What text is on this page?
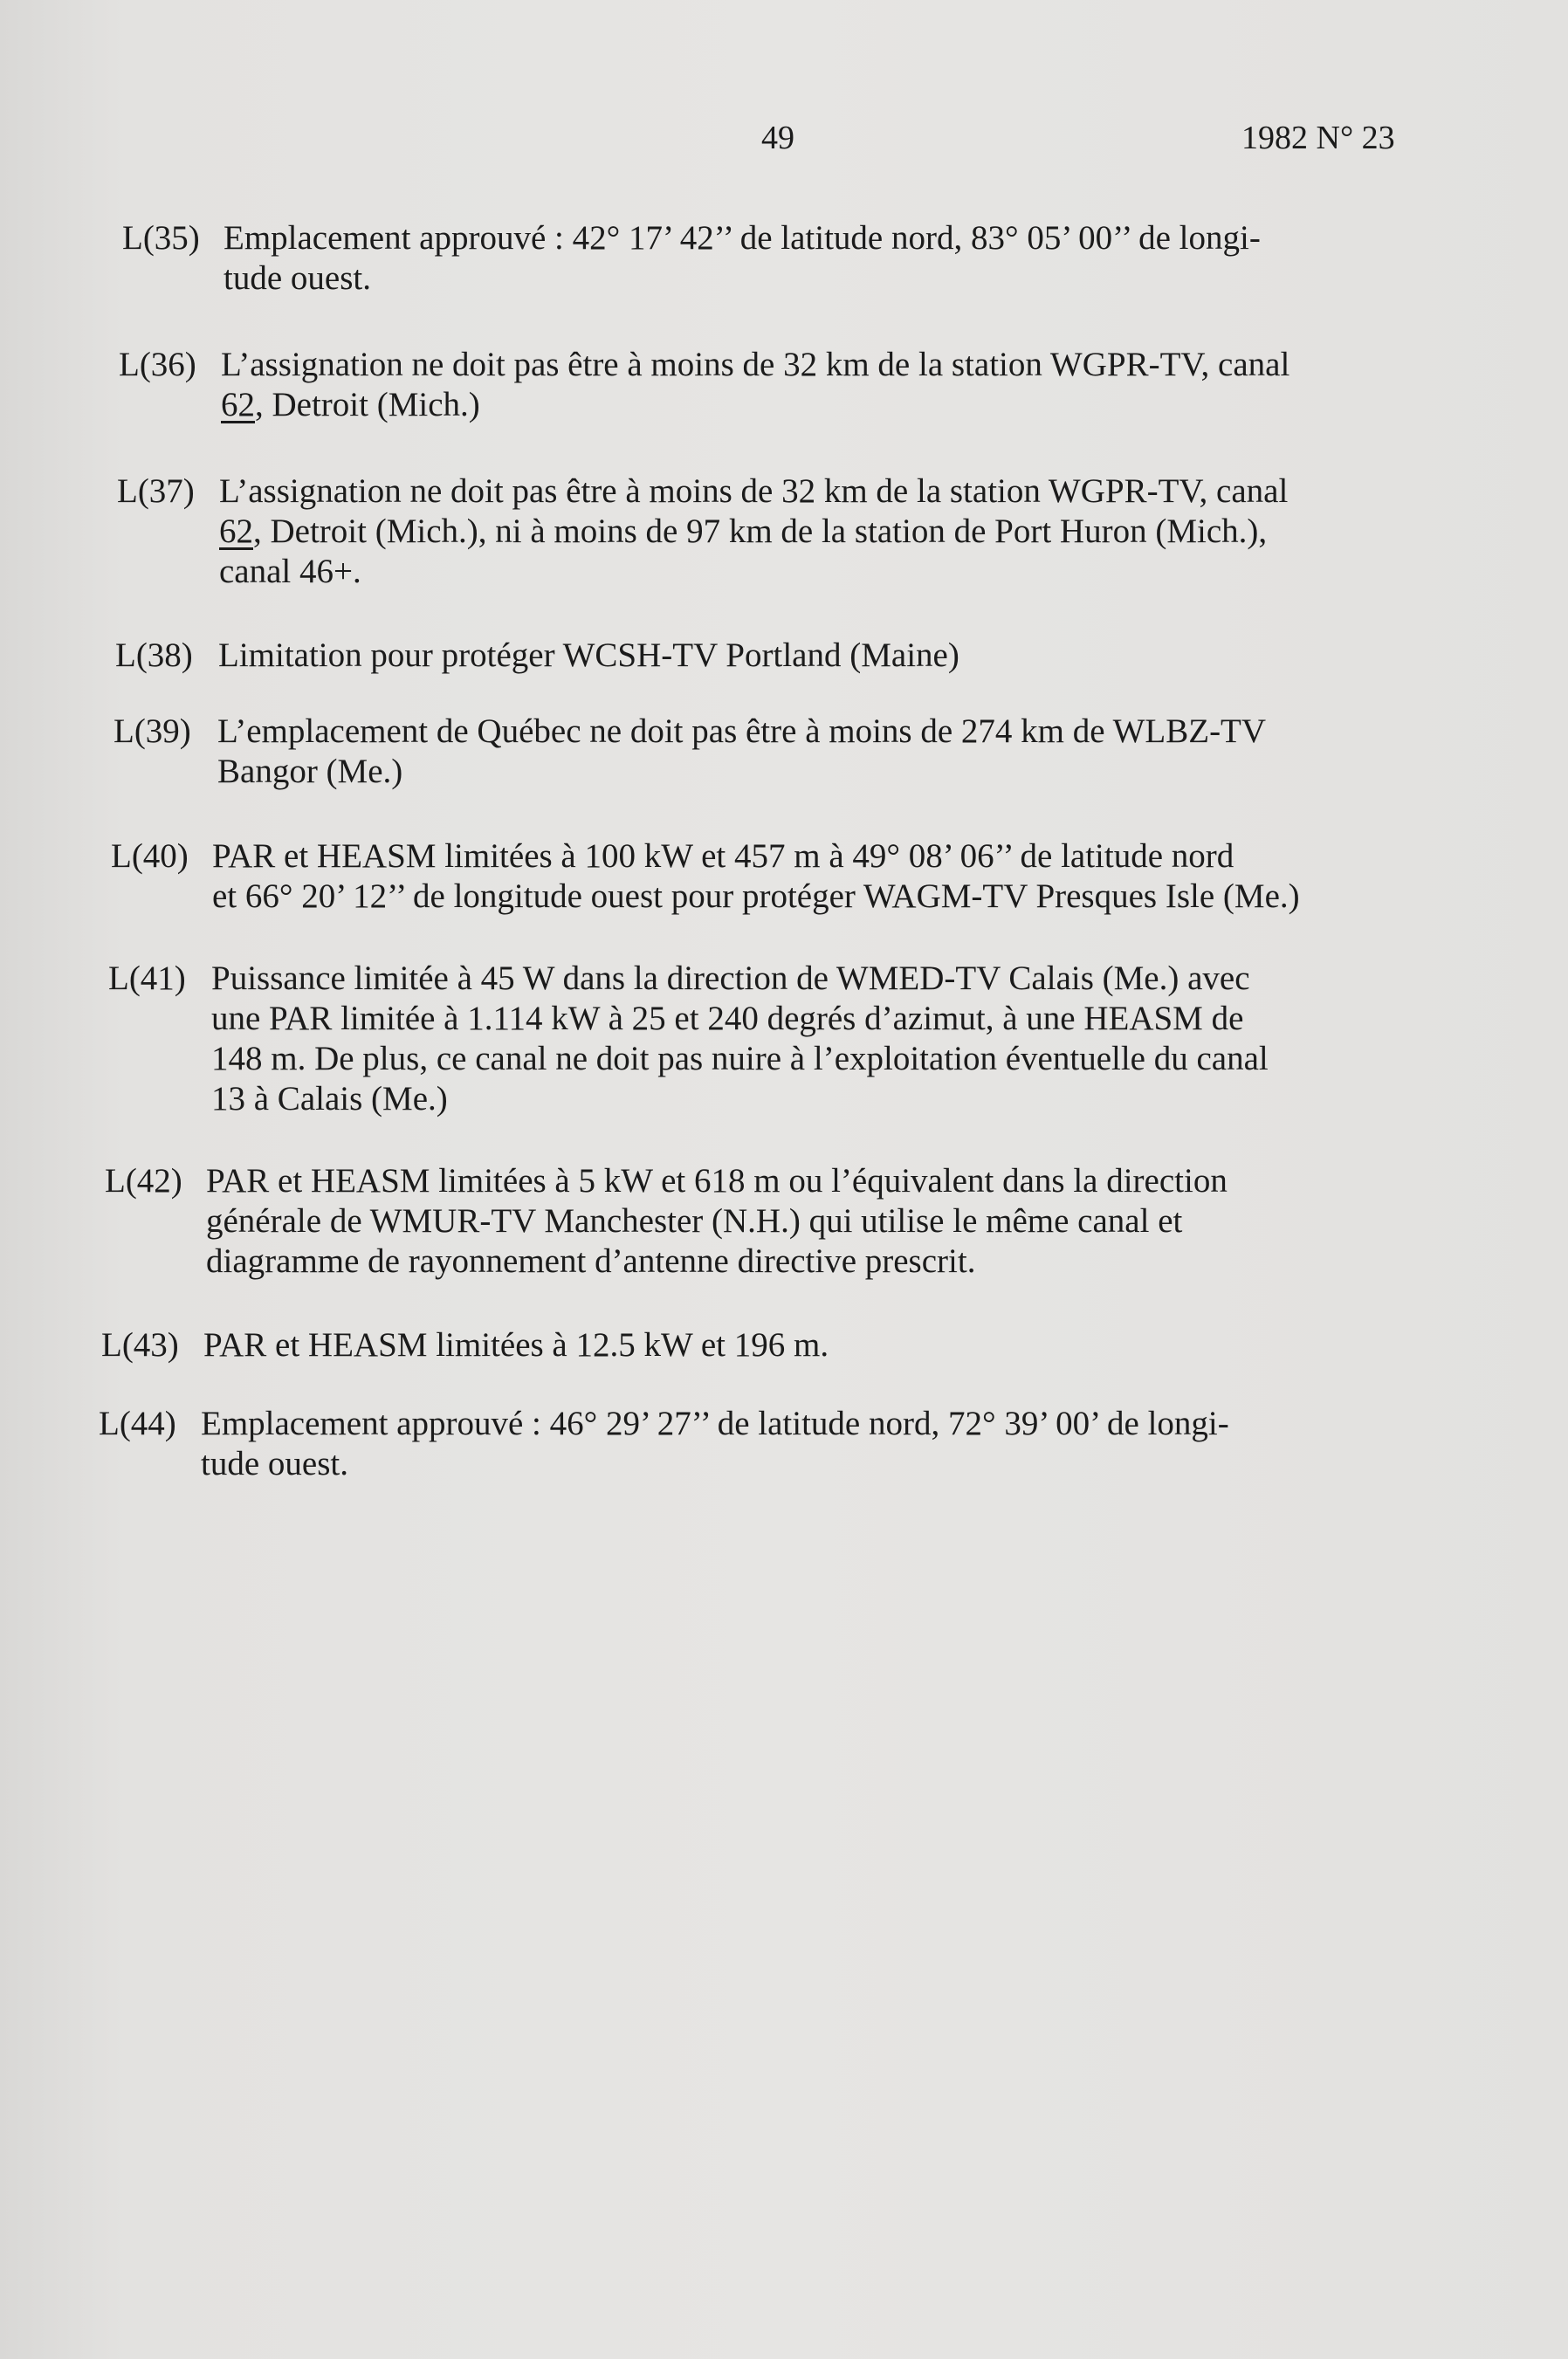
49	1982 N° 23
L(35) Emplacement approuvé : 42° 17’ 42’’ de latitude nord, 83° 05’ 00’’ de longi-
tude ouest.
L(36) L’assignation ne doit pas être à moins de 32 km de la station WGPR-TV, canal
62, Detroit (Mich.)
L(37) L’assignation ne doit pas être à moins de 32 km de la station WGPR-TV, canal
62, Detroit (Mich.), ni à moins de 97 km de la station de Port Huron (Mich.),
canal 46+.
L(38) Limitation pour protéger WCSH-TV Portland (Maine)
L(39) L’emplacement de Québec ne doit pas être à moins de 274 km de WLBZ-TV
Bangor (Me.)
L(40) PAR et HEASM limitées à 100 kW et 457 m à 49° 08’ 06’’ de latitude nord
et 66° 20’ 12’’ de longitude ouest pour protéger WAGM-TV Presques Isle (Me.)
L(41) Puissance limitée à 45 W dans la direction de WMED-TV Calais (Me.) avec
une PAR limitée à 1.114 kW à 25 et 240 degrés d’azimut, à une HEASM de
148 m. De plus, ce canal ne doit pas nuire à l’exploitation éventuelle du canal
13 à Calais (Me.)
L(42) PAR et HEASM limitées à 5 kW et 618 m ou l’équivalent dans la direction
générale de WMUR-TV Manchester (N.H.) qui utilise le même canal et
diagramme de rayonnement d’antenne directive prescrit.
L(43) PAR et HEASM limitées à 12.5 kW et 196 m.
L(44) Emplacement approuvé : 46° 29’ 27’’ de latitude nord, 72° 39’ 00’ de longi-
tude ouest.
